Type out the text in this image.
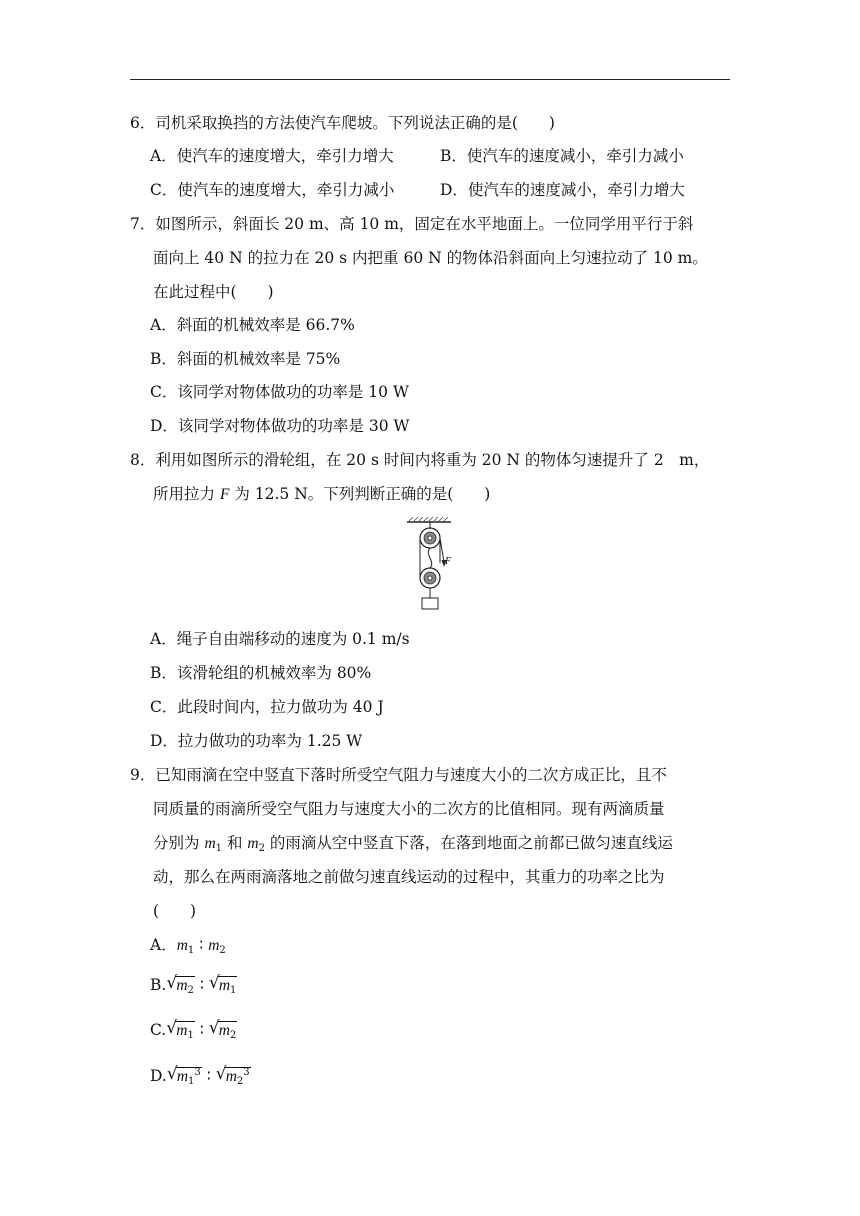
6．司机采取换挡的方法使汽车爬坡。下列说法正确的是(　　)
A．使汽车的速度增大，牵引力增大	B．使汽车的速度减小，牵引力减小
C．使汽车的速度增大，牵引力减小	D．使汽车的速度减小，牵引力增大
7．如图所示，斜面长 20 m、高 10 m，固定在水平地面上。一位同学用平行于斜
面向上 40 N 的拉力在 20 s 内把重 60 N 的物体沿斜面向上匀速拉动了 10 m。
在此过程中(　　)
A．斜面的机械效率是 66.7%
B．斜面的机械效率是 75%
C．该同学对物体做功的功率是 10 W
D．该同学对物体做功的功率是 30 W
8．利用如图所示的滑轮组，在 20 s 时间内将重为 20 N 的物体匀速提升了 2　m，
所用拉力 F 为 12.5 N。下列判断正确的是(　　)
F
A．绳子自由端移动的速度为 0.1 m/s
B．该滑轮组的机械效率为 80%
C．此段时间内，拉力做功为 40 J
D．拉力做功的功率为 1.25 W
9．已知雨滴在空中竖直下落时所受空气阻力与速度大小的二次方成正比，且不
同质量的雨滴所受空气阻力与速度大小的二次方的比值相同。现有两滴质量
分别为 $m_1$ 和 $m_2$ 的雨滴从空中竖直下落，在落到地面之前都已做匀速直线运
动，那么在两雨滴落地之前做匀速直线运动的过程中，其重力的功率之比为
(　　)
A．$m_1$ ∶ $m_2$
B. √ $m_2$ ∶ √ $m_1$
C. √ $m_1$ ∶ √ $m_2$
D. √ $m_1^3$ ∶ √ $m_2^3$
